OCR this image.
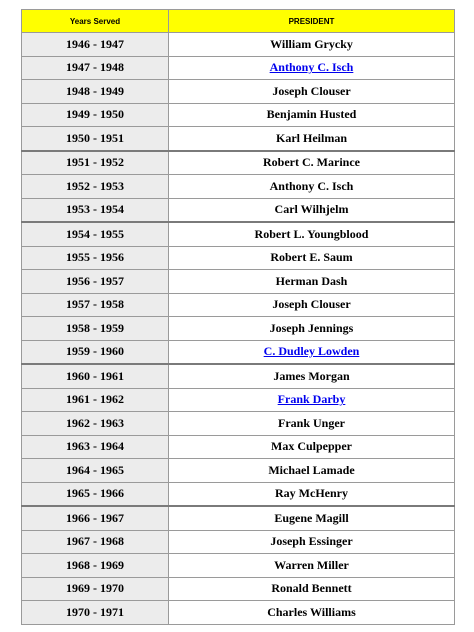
Years Served	PRESIDENT
1946 - 1947	William Grycky
1947 - 1948	Anthony C. Isch
1948 - 1949	Joseph Clouser
1949 - 1950	Benjamin Husted
1950 - 1951	Karl Heilman
1951 - 1952	Robert C. Marince
1952 - 1953	Anthony C. Isch
1953 - 1954	Carl Wilhjelm
1954 - 1955	Robert L. Youngblood
1955 - 1956	Robert E. Saum
1956 - 1957	Herman Dash
1957 - 1958	Joseph Clouser
1958 - 1959	Joseph Jennings
1959 - 1960	C. Dudley Lowden
1960 - 1961	James Morgan
1961 - 1962	Frank Darby
1962 - 1963	Frank Unger
1963 - 1964	Max Culpepper
1964 - 1965	Michael Lamade
1965 - 1966	Ray McHenry
1966 - 1967	Eugene Magill
1967 - 1968	Joseph Essinger
1968 - 1969	Warren Miller
1969 - 1970	Ronald Bennett
1970 - 1971	Charles Williams
